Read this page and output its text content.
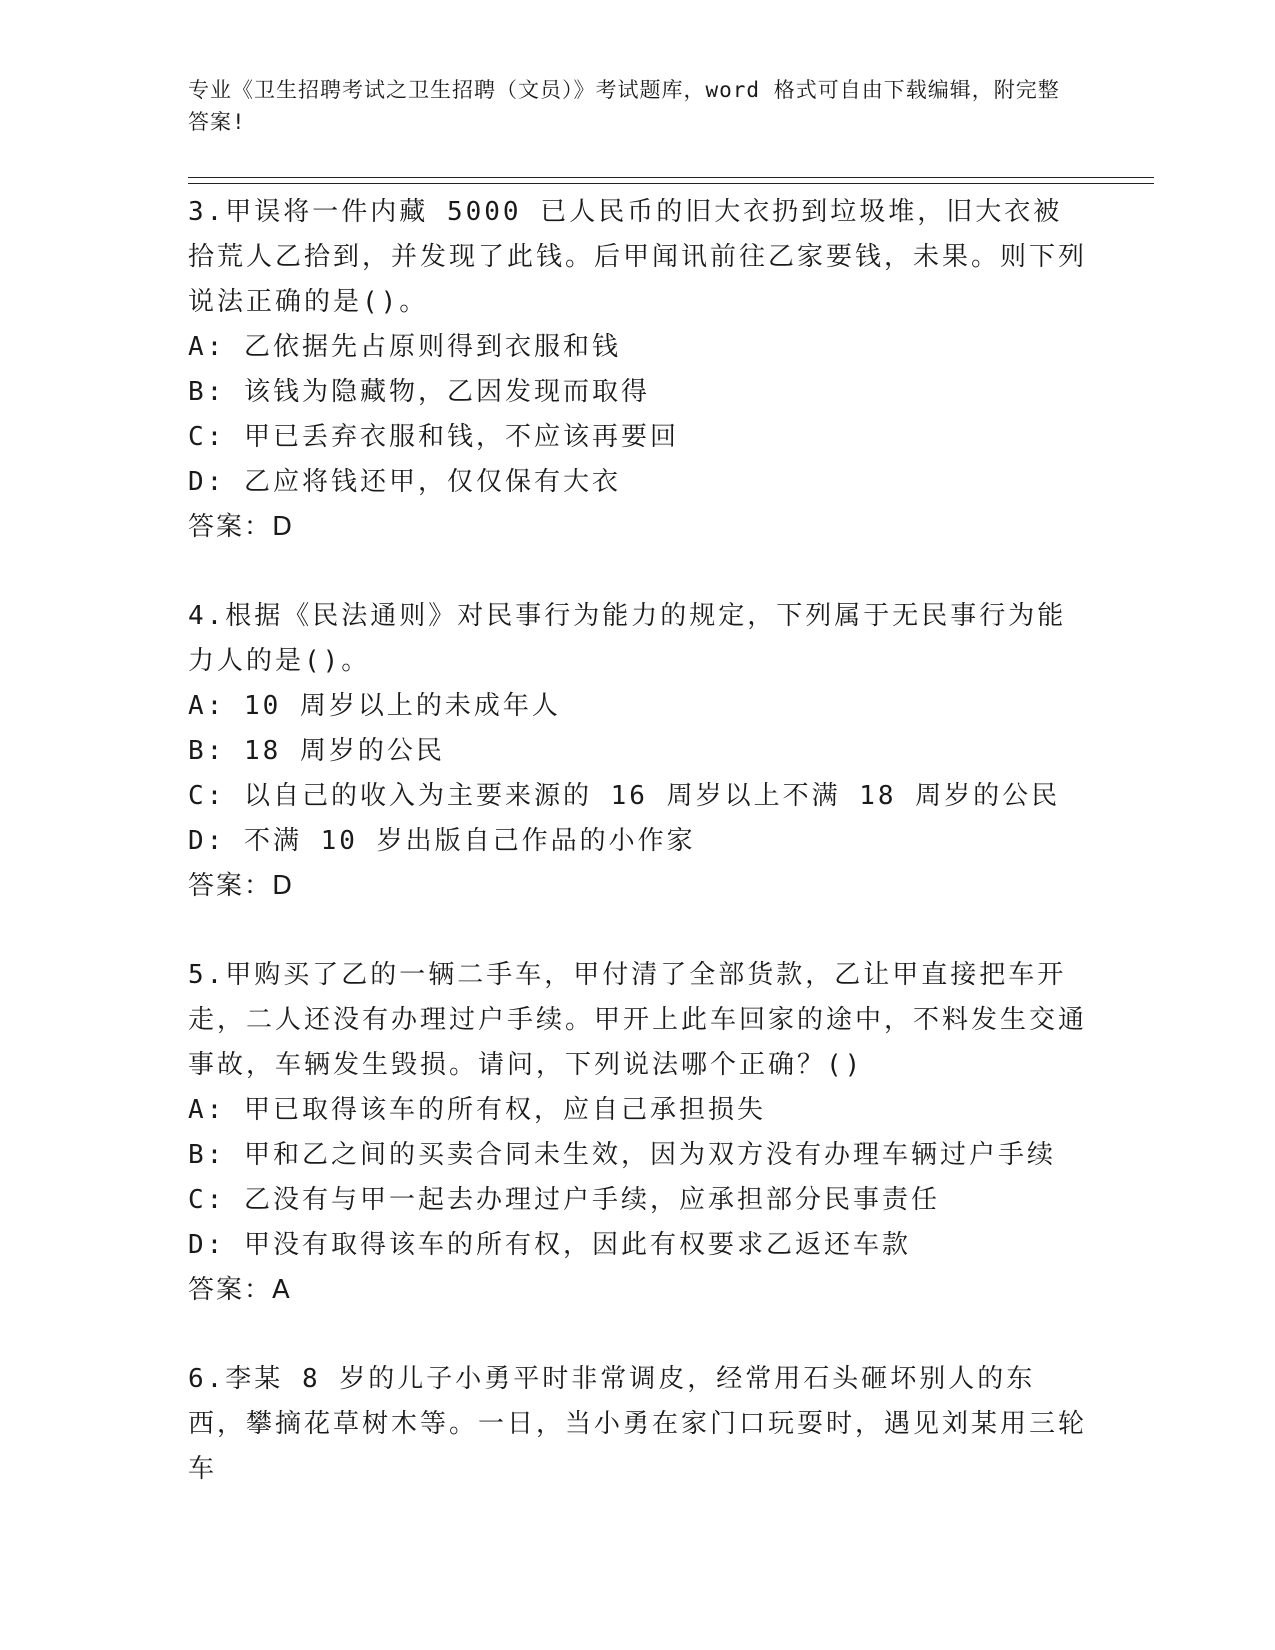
专业《卫生招聘考试之卫生招聘（文员）》考试题库，word 格式可自由下载编辑，附完整答案!
3.甲误将一件内藏 5000 已人民币的旧大衣扔到垃圾堆，旧大衣被拾荒人乙拾到，并发现了此钱。后甲闻讯前往乙家要钱，未果。则下列说法正确的是()。
A: 乙依据先占原则得到衣服和钱
B: 该钱为隐藏物，乙因发现而取得
C: 甲已丢弃衣服和钱，不应该再要回
D: 乙应将钱还甲，仅仅保有大衣
答案：D
4.根据《民法通则》对民事行为能力的规定，下列属于无民事行为能力人的是()。
A: 10 周岁以上的未成年人
B: 18 周岁的公民
C: 以自己的收入为主要来源的 16 周岁以上不满 18 周岁的公民
D: 不满 10 岁出版自己作品的小作家
答案：D
5.甲购买了乙的一辆二手车，甲付清了全部货款，乙让甲直接把车开走，二人还没有办理过户手续。甲开上此车回家的途中，不料发生交通事故，车辆发生毁损。请问，下列说法哪个正确？()
A: 甲已取得该车的所有权，应自己承担损失
B: 甲和乙之间的买卖合同未生效，因为双方没有办理车辆过户手续
C: 乙没有与甲一起去办理过户手续，应承担部分民事责任
D: 甲没有取得该车的所有权，因此有权要求乙返还车款
答案：A
6.李某 8 岁的儿子小勇平时非常调皮，经常用石头砸坏别人的东西，攀摘花草树木等。一日，当小勇在家门口玩耍时，遇见刘某用三轮车
